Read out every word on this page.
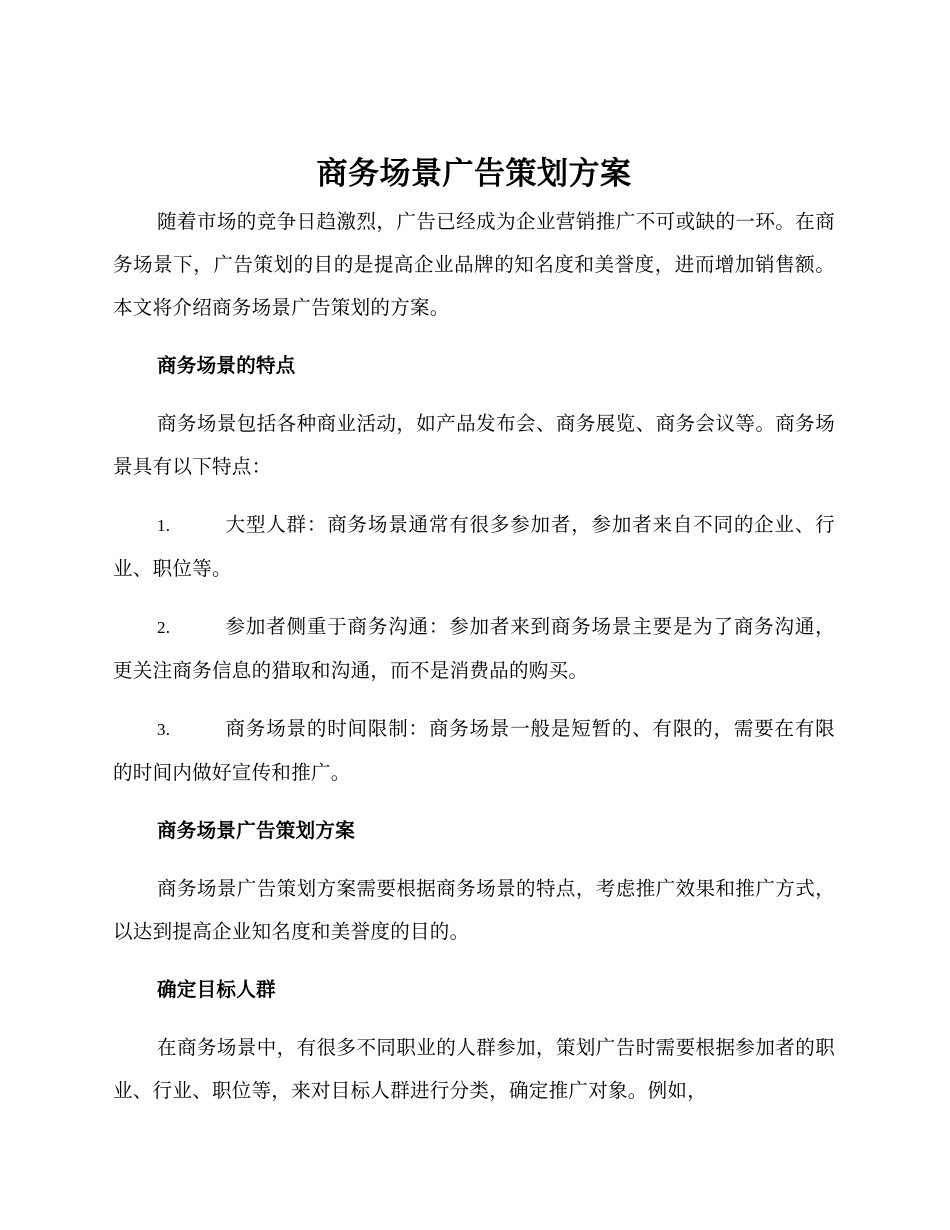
商务场景广告策划方案

随着市场的竞争日趋激烈，广告已经成为企业营销推广不可或缺的一环。在商务场景下，广告策划的目的是提高企业品牌的知名度和美誉度，进而增加销售额。本文将介绍商务场景广告策划的方案。

商务场景的特点

商务场景包括各种商业活动，如产品发布会、商务展览、商务会议等。商务场景具有以下特点：

1.	大型人群：商务场景通常有很多参加者，参加者来自不同的企业、行业、职位等。

2.	参加者侧重于商务沟通：参加者来到商务场景主要是为了商务沟通，更关注商务信息的猎取和沟通，而不是消费品的购买。

3.	商务场景的时间限制：商务场景一般是短暂的、有限的，需要在有限的时间内做好宣传和推广。

商务场景广告策划方案

商务场景广告策划方案需要根据商务场景的特点，考虑推广效果和推广方式，以达到提高企业知名度和美誉度的目的。

确定目标人群

在商务场景中，有很多不同职业的人群参加，策划广告时需要根据参加者的职业、行业、职位等，来对目标人群进行分类，确定推广对象。例如，
